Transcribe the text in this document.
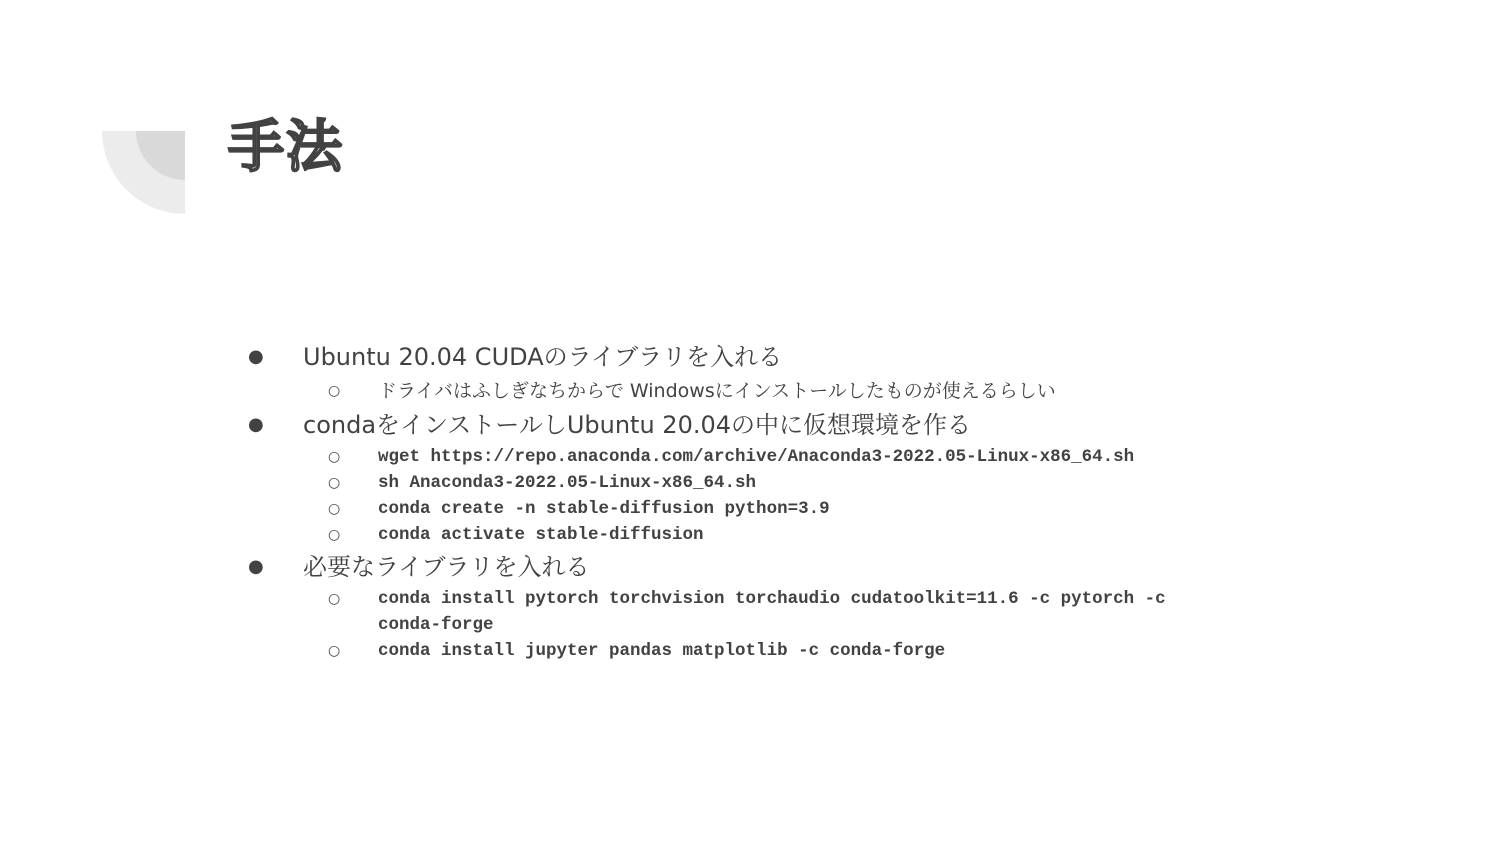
手法
● Ubuntu 20.04 CUDAのライブラリを入れる
○ ドライバはふしぎなちからで Windowsにインストールしたものが使えるらしい
● condaをインストールしUbuntu 20.04の中に仮想環境を作る
○ wget https://repo.anaconda.com/archive/Anaconda3-2022.05-Linux-x86_64.sh
○ sh Anaconda3-2022.05-Linux-x86_64.sh
○ conda create -n stable-diffusion python=3.9
○ conda activate stable-diffusion
● 必要なライブラリを入れる
○ conda install pytorch torchvision torchaudio cudatoolkit=11.6 -c pytorch -c conda-forge
○ conda install jupyter pandas matplotlib -c conda-forge
